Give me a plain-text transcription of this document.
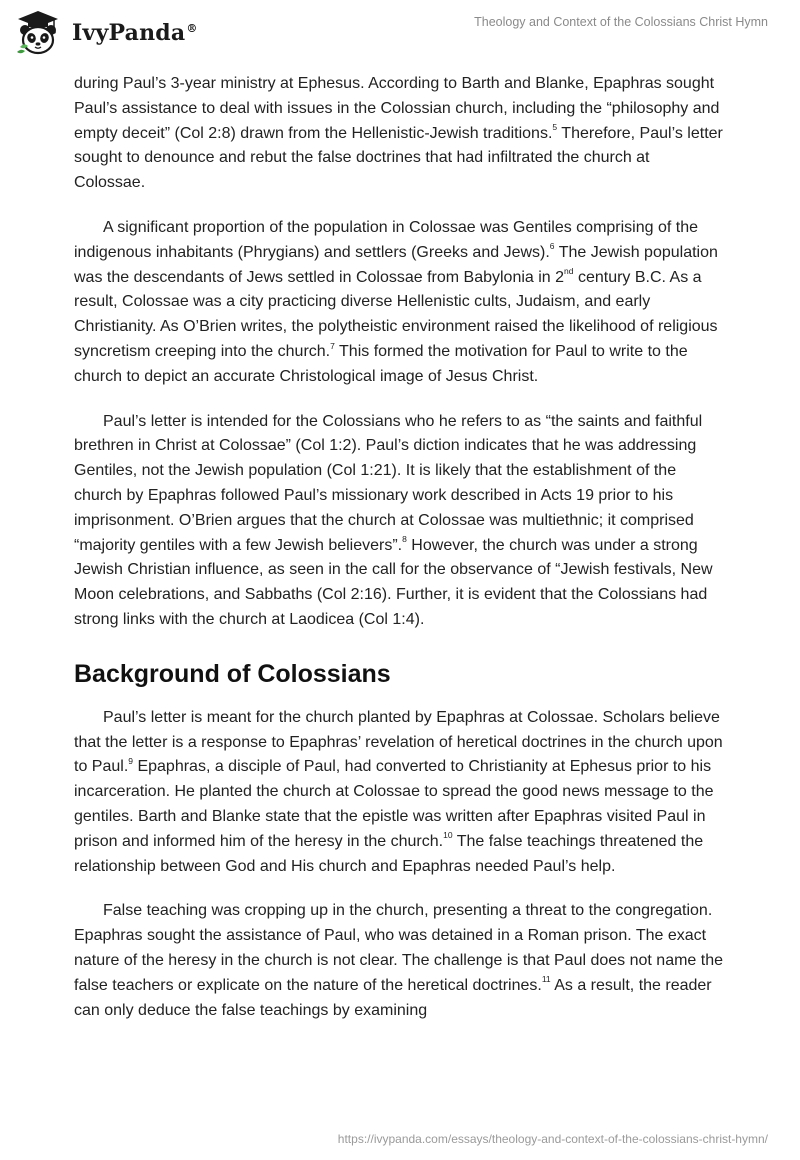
IvyPanda®	Theology and Context of the Colossians Christ Hymn

during Paul’s 3-year ministry at Ephesus. According to Barth and Blanke, Epaphras sought Paul’s assistance to deal with issues in the Colossian church, including the “philosophy and empty deceit” (Col 2:8) drawn from the Hellenistic-Jewish traditions.$^5$ Therefore, Paul’s letter sought to denounce and rebut the false doctrines that had infiltrated the church at Colossae.

A significant proportion of the population in Colossae was Gentiles comprising of the indigenous inhabitants (Phrygians) and settlers (Greeks and Jews).$^6$ The Jewish population was the descendants of Jews settled in Colossae from Babylonia in 2nd century B.C. As a result, Colossae was a city practicing diverse Hellenistic cults, Judaism, and early Christianity. As O’Brien writes, the polytheistic environment raised the likelihood of religious syncretism creeping into the church.$^7$ This formed the motivation for Paul to write to the church to depict an accurate Christological image of Jesus Christ.

Paul’s letter is intended for the Colossians who he refers to as “the saints and faithful brethren in Christ at Colossae” (Col 1:2). Paul’s diction indicates that he was addressing Gentiles, not the Jewish population (Col 1:21). It is likely that the establishment of the church by Epaphras followed Paul’s missionary work described in Acts 19 prior to his imprisonment. O’Brien argues that the church at Colossae was multiethnic; it comprised “majority gentiles with a few Jewish believers”.$^8$ However, the church was under a strong Jewish Christian influence, as seen in the call for the observance of “Jewish festivals, New Moon celebrations, and Sabbaths (Col 2:16). Further, it is evident that the Colossians had strong links with the church at Laodicea (Col 1:4).

Background of Colossians

Paul’s letter is meant for the church planted by Epaphras at Colossae. Scholars believe that the letter is a response to Epaphras’ revelation of heretical doctrines in the church upon to Paul.$^9$ Epaphras, a disciple of Paul, had converted to Christianity at Ephesus prior to his incarceration. He planted the church at Colossae to spread the good news message to the gentiles. Barth and Blanke state that the epistle was written after Epaphras visited Paul in prison and informed him of the heresy in the church.$^{10}$ The false teachings threatened the relationship between God and His church and Epaphras needed Paul’s help.

False teaching was cropping up in the church, presenting a threat to the congregation. Epaphras sought the assistance of Paul, who was detained in a Roman prison. The exact nature of the heresy in the church is not clear. The challenge is that Paul does not name the false teachers or explicate on the nature of the heretical doctrines.$^{11}$ As a result, the reader can only deduce the false teachings by examining

https://ivypanda.com/essays/theology-and-context-of-the-colossians-christ-hymn/
